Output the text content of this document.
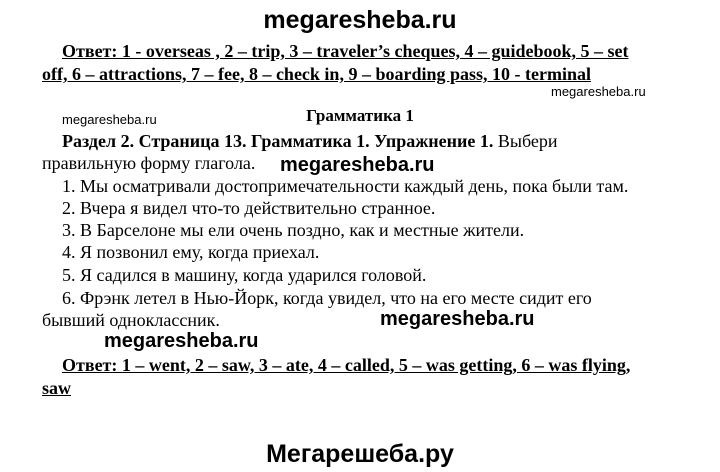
megaresheba.ru
Ответ: 1 - overseas , 2 – trip, 3 – traveler’s cheques, 4 – guidebook, 5 – set
off, 6 – attractions, 7 – fee, 8 – check in, 9 – boarding pass, 10 - terminal
megaresheba.ru
megaresheba.ru	Грамматика 1
Раздел 2. Страница 13. Грамматика 1. Упражнение 1. Выбери
правильную форму глагола. megaresheba.ru
1. Мы осматривали достопримечательности каждый день, пока были там.
2. Вчера я видел что-то действительно странное.
3. В Барселоне мы ели очень поздно, как и местные жители.
4. Я позвонил ему, когда приехал.
5. Я садился в машину, когда ударился головой.
6. Фрэнк летел в Нью-Йорк, когда увидел, что на его месте сидит его
бывший одноклассник.	megaresheba.ru
megaresheba.ru
Ответ: 1 – went, 2 – saw, 3 – ate, 4 – called, 5 – was getting, 6 – was flying,
saw
Мегарешеба.ру
